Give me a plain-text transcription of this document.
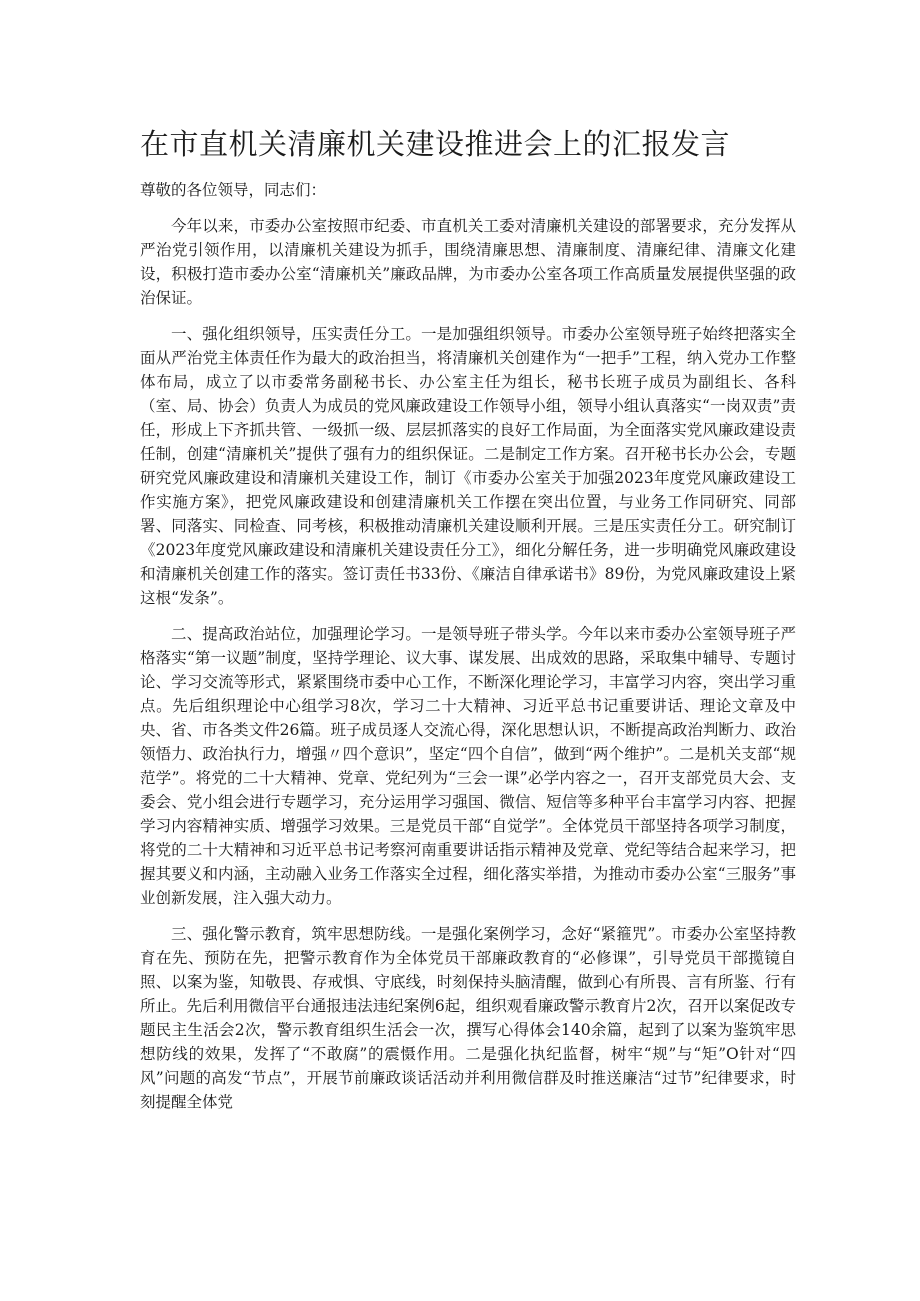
在市直机关清廉机关建设推进会上的汇报发言

尊敬的各位领导，同志们：

今年以来，市委办公室按照市纪委、市直机关工委对清廉机关建设的部署要求，充分发挥从严治党引领作用，以清廉机关建设为抓手，围绕清廉思想、清廉制度、清廉纪律、清廉文化建设，积极打造市委办公室“清廉机关”廉政品牌，为市委办公室各项工作高质量发展提供坚强的政治保证。

一、强化组织领导，压实责任分工。一是加强组织领导。市委办公室领导班子始终把落实全面从严治党主体责任作为最大的政治担当，将清廉机关创建作为“一把手”工程，纳入党办工作整体布局，成立了以市委常务副秘书长、办公室主任为组长，秘书长班子成员为副组长、各科（室、局、协会）负责人为成员的党风廉政建设工作领导小组，领导小组认真落实“一岗双责”责任，形成上下齐抓共管、一级抓一级、层层抓落实的良好工作局面，为全面落实党风廉政建设责任制，创建“清廉机关”提供了强有力的组织保证。二是制定工作方案。召开秘书长办公会，专题研究党风廉政建设和清廉机关建设工作，制订《市委办公室关于加强2023年度党风廉政建设工作实施方案》，把党风廉政建设和创建清廉机关工作摆在突出位置，与业务工作同研究、同部署、同落实、同检查、同考核，积极推动清廉机关建设顺利开展。三是压实责任分工。研究制订《2023年度党风廉政建设和清廉机关建设责任分工》，细化分解任务，进一步明确党风廉政建设和清廉机关创建工作的落实。签订责任书33份、《廉洁自律承诺书》89份，为党风廉政建设上紧这根“发条”。

二、提高政治站位，加强理论学习。一是领导班子带头学。今年以来市委办公室领导班子严格落实“第一议题”制度，坚持学理论、议大事、谋发展、出成效的思路，采取集中辅导、专题讨论、学习交流等形式，紧紧围绕市委中心工作，不断深化理论学习，丰富学习内容，突出学习重点。先后组织理论中心组学习8次，学习二十大精神、习近平总书记重要讲话、理论文章及中央、省、市各类文件26篇。班子成员逐人交流心得，深化思想认识，不断提高政治判断力、政治领悟力、政治执行力，增强〃四个意识”，坚定“四个自信”，做到“两个维护”。二是机关支部“规范学”。将党的二十大精神、党章、党纪列为“三会一课”必学内容之一，召开支部党员大会、支委会、党小组会进行专题学习，充分运用学习强国、微信、短信等多种平台丰富学习内容、把握学习内容精神实质、增强学习效果。三是党员干部“自觉学”。全体党员干部坚持各项学习制度，将党的二十大精神和习近平总书记考察河南重要讲话指示精神及党章、党纪等结合起来学习，把握其要义和内涵，主动融入业务工作落实全过程，细化落实举措，为推动市委办公室“三服务”事业创新发展，注入强大动力。

三、强化警示教育，筑牢思想防线。一是强化案例学习，念好“紧箍咒”。市委办公室坚持教育在先、预防在先，把警示教育作为全体党员干部廉政教育的“必修课”，引导党员干部揽镜自照、以案为鉴，知敬畏、存戒惧、守底线，时刻保持头脑清醒，做到心有所畏、言有所鉴、行有所止。先后利用微信平台通报违法违纪案例6起，组织观看廉政警示教育片2次，召开以案促改专题民主生活会2次，警示教育组织生活会一次，撰写心得体会140余篇，起到了以案为鉴筑牢思想防线的效果，发挥了“不敢腐”的震慑作用。二是强化执纪监督，树牢“规”与“矩”O针对“四风”问题的高发“节点”，开展节前廉政谈话活动并利用微信群及时推送廉洁“过节”纪律要求，时刻提醒全体党
